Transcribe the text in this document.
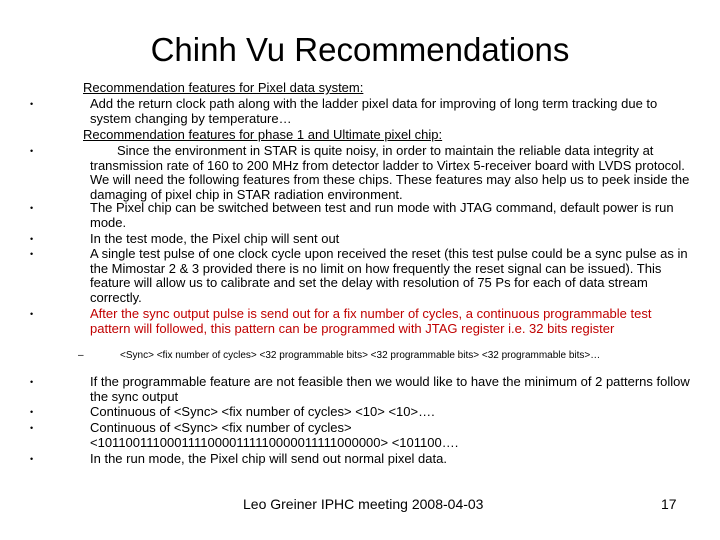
Chinh Vu Recommendations
Recommendation features for Pixel data system:
•	Add the return clock path along with the ladder pixel data for improving of long term tracking due to system changing by temperature…
Recommendation features for phase 1 and Ultimate pixel chip:
•	Since the environment in STAR is quite noisy, in order to maintain the reliable data integrity at transmission rate of 160 to 200 MHz from detector ladder to Virtex 5-receiver board with LVDS protocol. We will need the following features from these chips. These features may also help us to peek inside the damaging of pixel chip in STAR radiation environment.
•	The Pixel chip can be switched between test and run mode with JTAG command, default power is run mode.
•	In the test mode, the Pixel chip will sent out
•	A single test pulse of one clock cycle upon received the reset (this test pulse could be a sync pulse as in the Mimostar 2 & 3 provided there is no limit on how frequently the reset signal can be issued). This feature will allow us to calibrate and set the delay with resolution of 75 Ps for each of data stream correctly.
•	After the sync output pulse is send out for a fix number of cycles, a continuous programmable test pattern will followed, this pattern can be programmed with JTAG register i.e. 32 bits register
–	<Sync> <fix number of cycles> <32 programmable bits> <32 programmable bits> <32 programmable bits>…
•	If the programmable feature are not feasible then we would like to have the minimum of 2 patterns follow the sync output
•	Continuous of <Sync> <fix number of cycles> <10> <10>….
•	Continuous of <Sync> <fix number of cycles> <10110011100011110000111110000011111000000> <101100….
•	In the run mode, the Pixel chip will send out normal pixel data.
Leo Greiner IPHC meeting 2008-04-03	17
